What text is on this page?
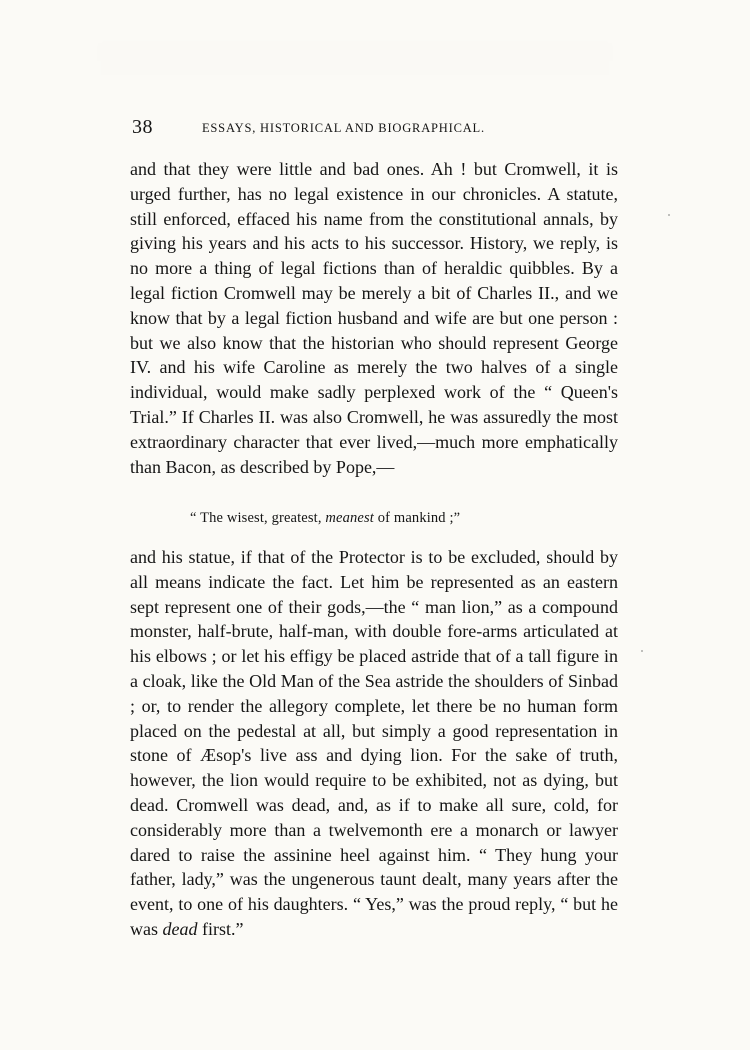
38	ESSAYS, HISTORICAL AND BIOGRAPHICAL.
and that they were little and bad ones. Ah ! but Cromwell, it is urged further, has no legal existence in our chronicles. A statute, still enforced, effaced his name from the constitutional annals, by giving his years and his acts to his successor. History, we reply, is no more a thing of legal fictions than of heraldic quibbles. By a legal fiction Cromwell may be merely a bit of Charles II., and we know that by a legal fiction husband and wife are but one person : but we also know that the historian who should represent George IV. and his wife Caroline as merely the two halves of a single individual, would make sadly perplexed work of the “ Queen's Trial.” If Charles II. was also Cromwell, he was assuredly the most extraordinary character that ever lived,—much more emphatically than Bacon, as described by Pope,—
“ The wisest, greatest, meanest of mankind ;”
and his statue, if that of the Protector is to be excluded, should by all means indicate the fact. Let him be represented as an eastern sept represent one of their gods,—the “ man lion,” as a compound monster, half-brute, half-man, with double fore-arms articulated at his elbows ; or let his effigy be placed astride that of a tall figure in a cloak, like the Old Man of the Sea astride the shoulders of Sinbad ; or, to render the allegory complete, let there be no human form placed on the pedestal at all, but simply a good representation in stone of Æsop's live ass and dying lion. For the sake of truth, however, the lion would require to be exhibited, not as dying, but dead. Cromwell was dead, and, as if to make all sure, cold, for considerably more than a twelvemonth ere a monarch or lawyer dared to raise the assinine heel against him. “ They hung your father, lady,” was the ungenerous taunt dealt, many years after the event, to one of his daughters. “ Yes,” was the proud reply, “ but he was dead first.”
